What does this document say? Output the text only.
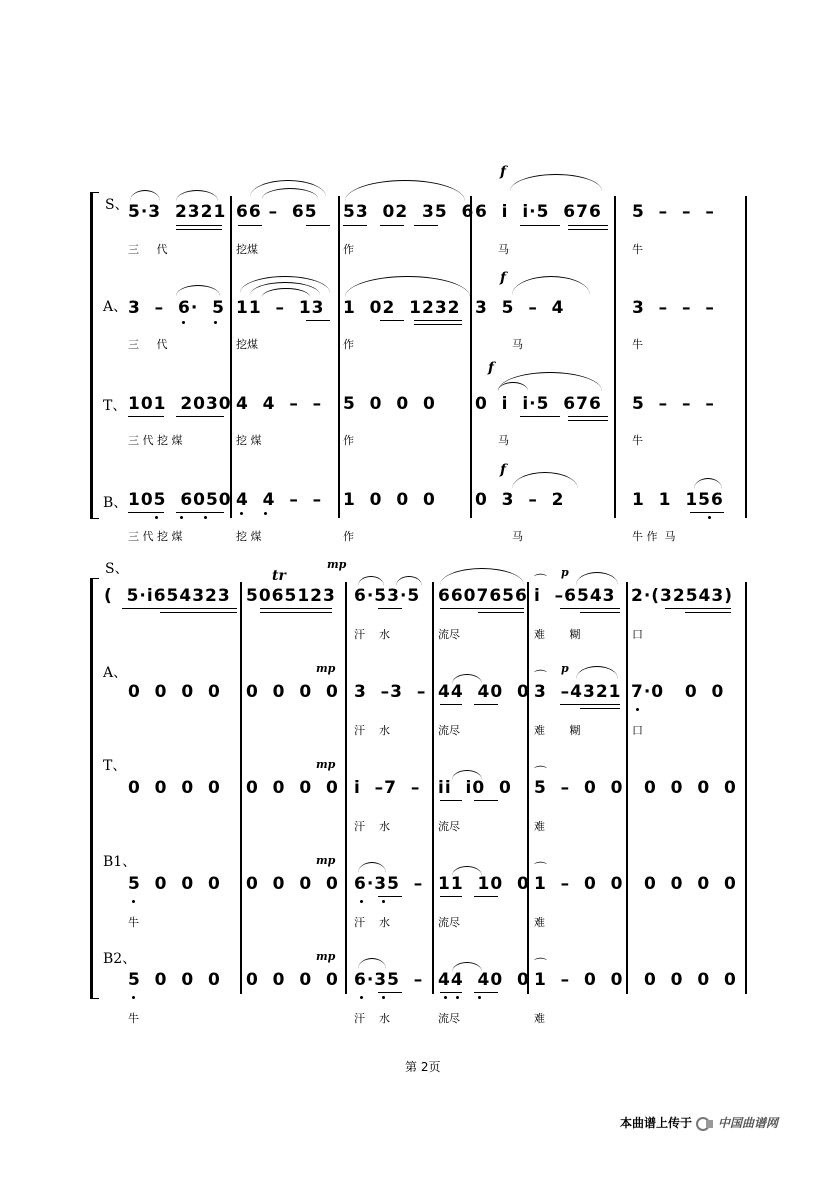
S、
f
5·3  2321 66 –  65 53  02  35  6 6  i  i·5  676 5  –  –  –
三     代	挖煤	作	马	牛
A、
f
3  –  6·  5 11  –  13 1  02  1232 3  5  –  4	3  –  –  –
三     代	挖煤	作	马	牛
T、
f
101  2030 4  4  –  – 5  0  0  0 0  i  i·5  676 5  –  –  –
三 代 挖 煤	挖 煤	作	马	牛
B、
f
105  6050 4  4  –  – 1  0  0  0 0  3  –  2	1  1  156
三 代 挖 煤	挖 煤	作	马	牛 作  马
S、	tr
mp
p
(  5·i654323 5065123 6·53·5 6607656 i  –6543 2·(32543)
汗    水	流尽	难       糊	口
⌒
A、	mp	p
0  0  0  0 0  0  0  0 3  –3  – 44  40  0 3  –4321 7·0   0  0
汗    水	流尽	难       糊	口
⌒
T、	mp
0  0  0  0 0  0  0  0 i  –7  – ii  i0  0 5  –  0  0 0  0  0  0
汗    水	流尽	难
⌒
B1、	mp
5  0  0  0 0  0  0  0 6·35  – 11  10  0 1  –  0  0 0  0  0  0
牛	汗    水	流尽	难
⌒
B2、	mp
5  0  0  0 0  0  0  0 6·35  – 44  40  0 1  –  0  0 0  0  0  0
牛	汗    水	流尽	难
⌒
第 2页
本曲谱上传于 中国曲谱网
